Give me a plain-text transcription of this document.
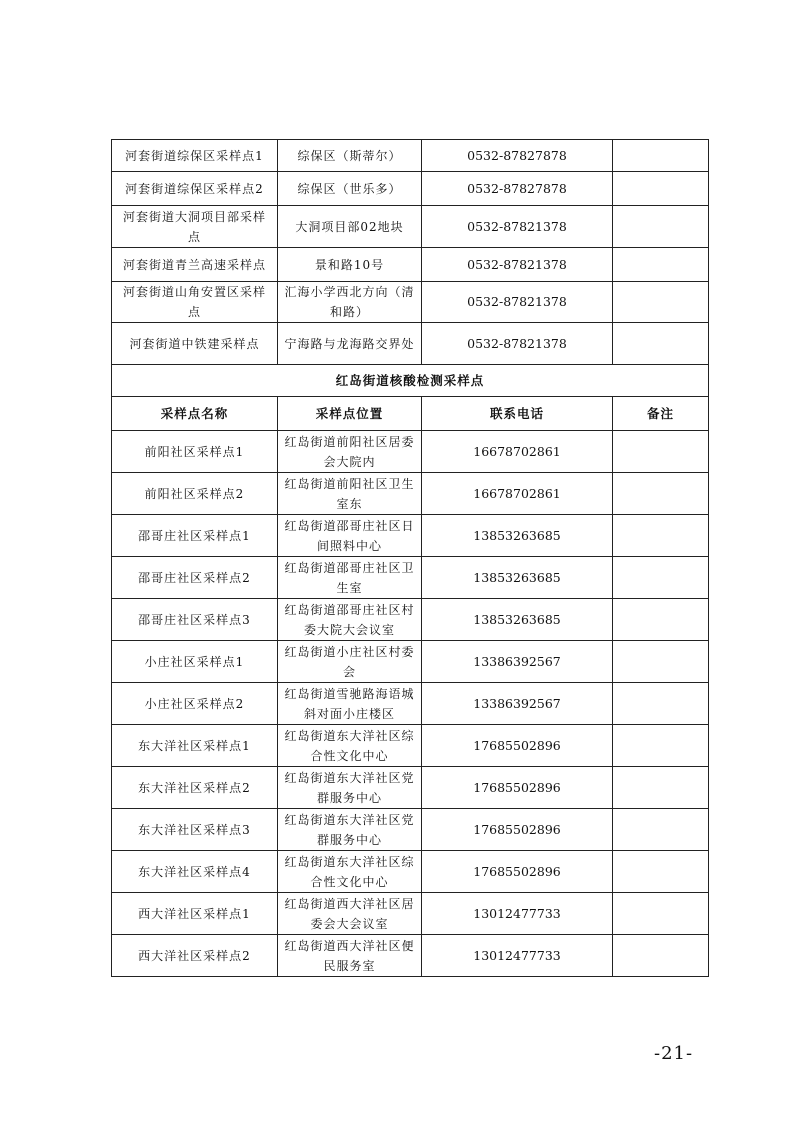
河套街道综保区采样点1	综保区（斯蒂尔）	0532-87827878	
河套街道综保区采样点2	综保区（世乐多）	0532-87827878	
河套街道大洞项目部采样点	大洞项目部02地块	0532-87821378	
河套街道青兰高速采样点	景和路10号	0532-87821378	
河套街道山角安置区采样点	汇海小学西北方向（清和路）	0532-87821378	
河套街道中铁建采样点	宁海路与龙海路交界处	0532-87821378	
红岛街道核酸检测采样点			
采样点名称	采样点位置	联系电话	备注
前阳社区采样点1	红岛街道前阳社区居委会大院内	16678702861	
前阳社区采样点2	红岛街道前阳社区卫生室东	16678702861	
邵哥庄社区采样点1	红岛街道邵哥庄社区日间照料中心	13853263685	
邵哥庄社区采样点2	红岛街道邵哥庄社区卫生室	13853263685	
邵哥庄社区采样点3	红岛街道邵哥庄社区村委大院大会议室	13853263685	
小庄社区采样点1	红岛街道小庄社区村委会	13386392567	
小庄社区采样点2	红岛街道雪驰路海语城斜对面小庄楼区	13386392567	
东大洋社区采样点1	红岛街道东大洋社区综合性文化中心	17685502896	
东大洋社区采样点2	红岛街道东大洋社区党群服务中心	17685502896	
东大洋社区采样点3	红岛街道东大洋社区党群服务中心	17685502896	
东大洋社区采样点4	红岛街道东大洋社区综合性文化中心	17685502896	
西大洋社区采样点1	红岛街道西大洋社区居委会大会议室	13012477733	
西大洋社区采样点2	红岛街道西大洋社区便民服务室	13012477733	
-21-
